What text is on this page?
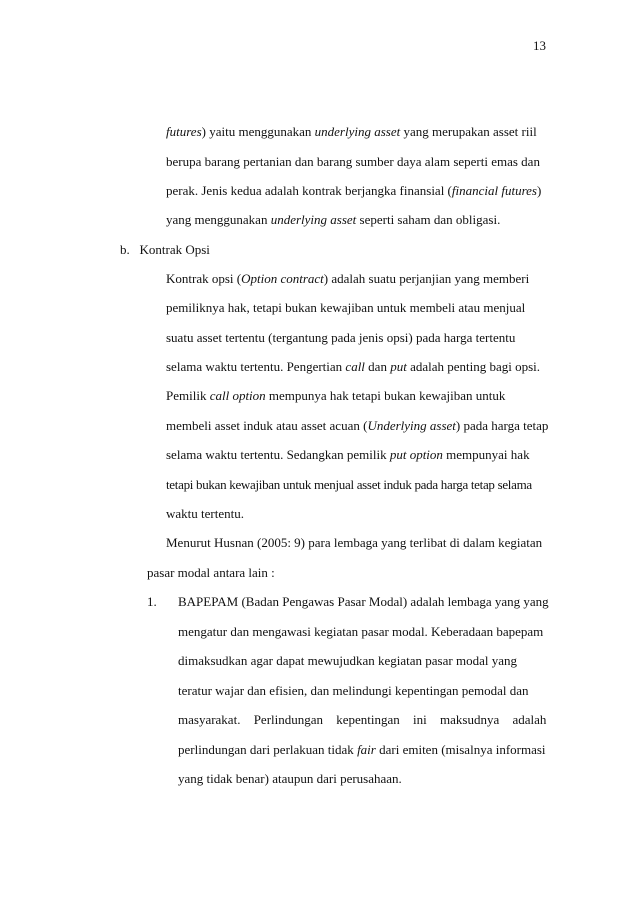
13
futures) yaitu menggunakan underlying asset yang merupakan asset riil
berupa barang pertanian dan barang sumber daya alam seperti emas dan
perak. Jenis kedua adalah kontrak berjangka finansial (financial futures)
yang menggunakan underlying asset seperti saham dan obligasi.
b. Kontrak Opsi
Kontrak opsi (Option contract) adalah suatu perjanjian yang memberi
pemiliknya hak, tetapi bukan kewajiban untuk membeli atau menjual
suatu asset tertentu (tergantung pada jenis opsi) pada harga tertentu
selama waktu tertentu. Pengertian call dan put adalah penting bagi opsi.
Pemilik call option mempunya hak tetapi bukan kewajiban untuk
membeli asset induk atau asset acuan (Underlying asset) pada harga tetap
selama waktu tertentu. Sedangkan pemilik put option mempunyai hak
tetapi bukan kewajiban untuk menjual asset induk pada harga tetap selama
waktu tertentu.
Menurut Husnan (2005: 9) para lembaga yang terlibat di dalam kegiatan
pasar modal antara lain :
1. BAPEPAM (Badan Pengawas Pasar Modal) adalah lembaga yang yang
mengatur dan mengawasi kegiatan pasar modal. Keberadaan bapepam
dimaksudkan agar dapat mewujudkan kegiatan pasar modal yang
teratur wajar dan efisien, dan melindungi kepentingan pemodal dan
masyarakat. Perlindungan kepentingan ini maksudnya adalah
perlindungan dari perlakuan tidak fair dari emiten (misalnya informasi
yang tidak benar) ataupun dari perusahaan.
